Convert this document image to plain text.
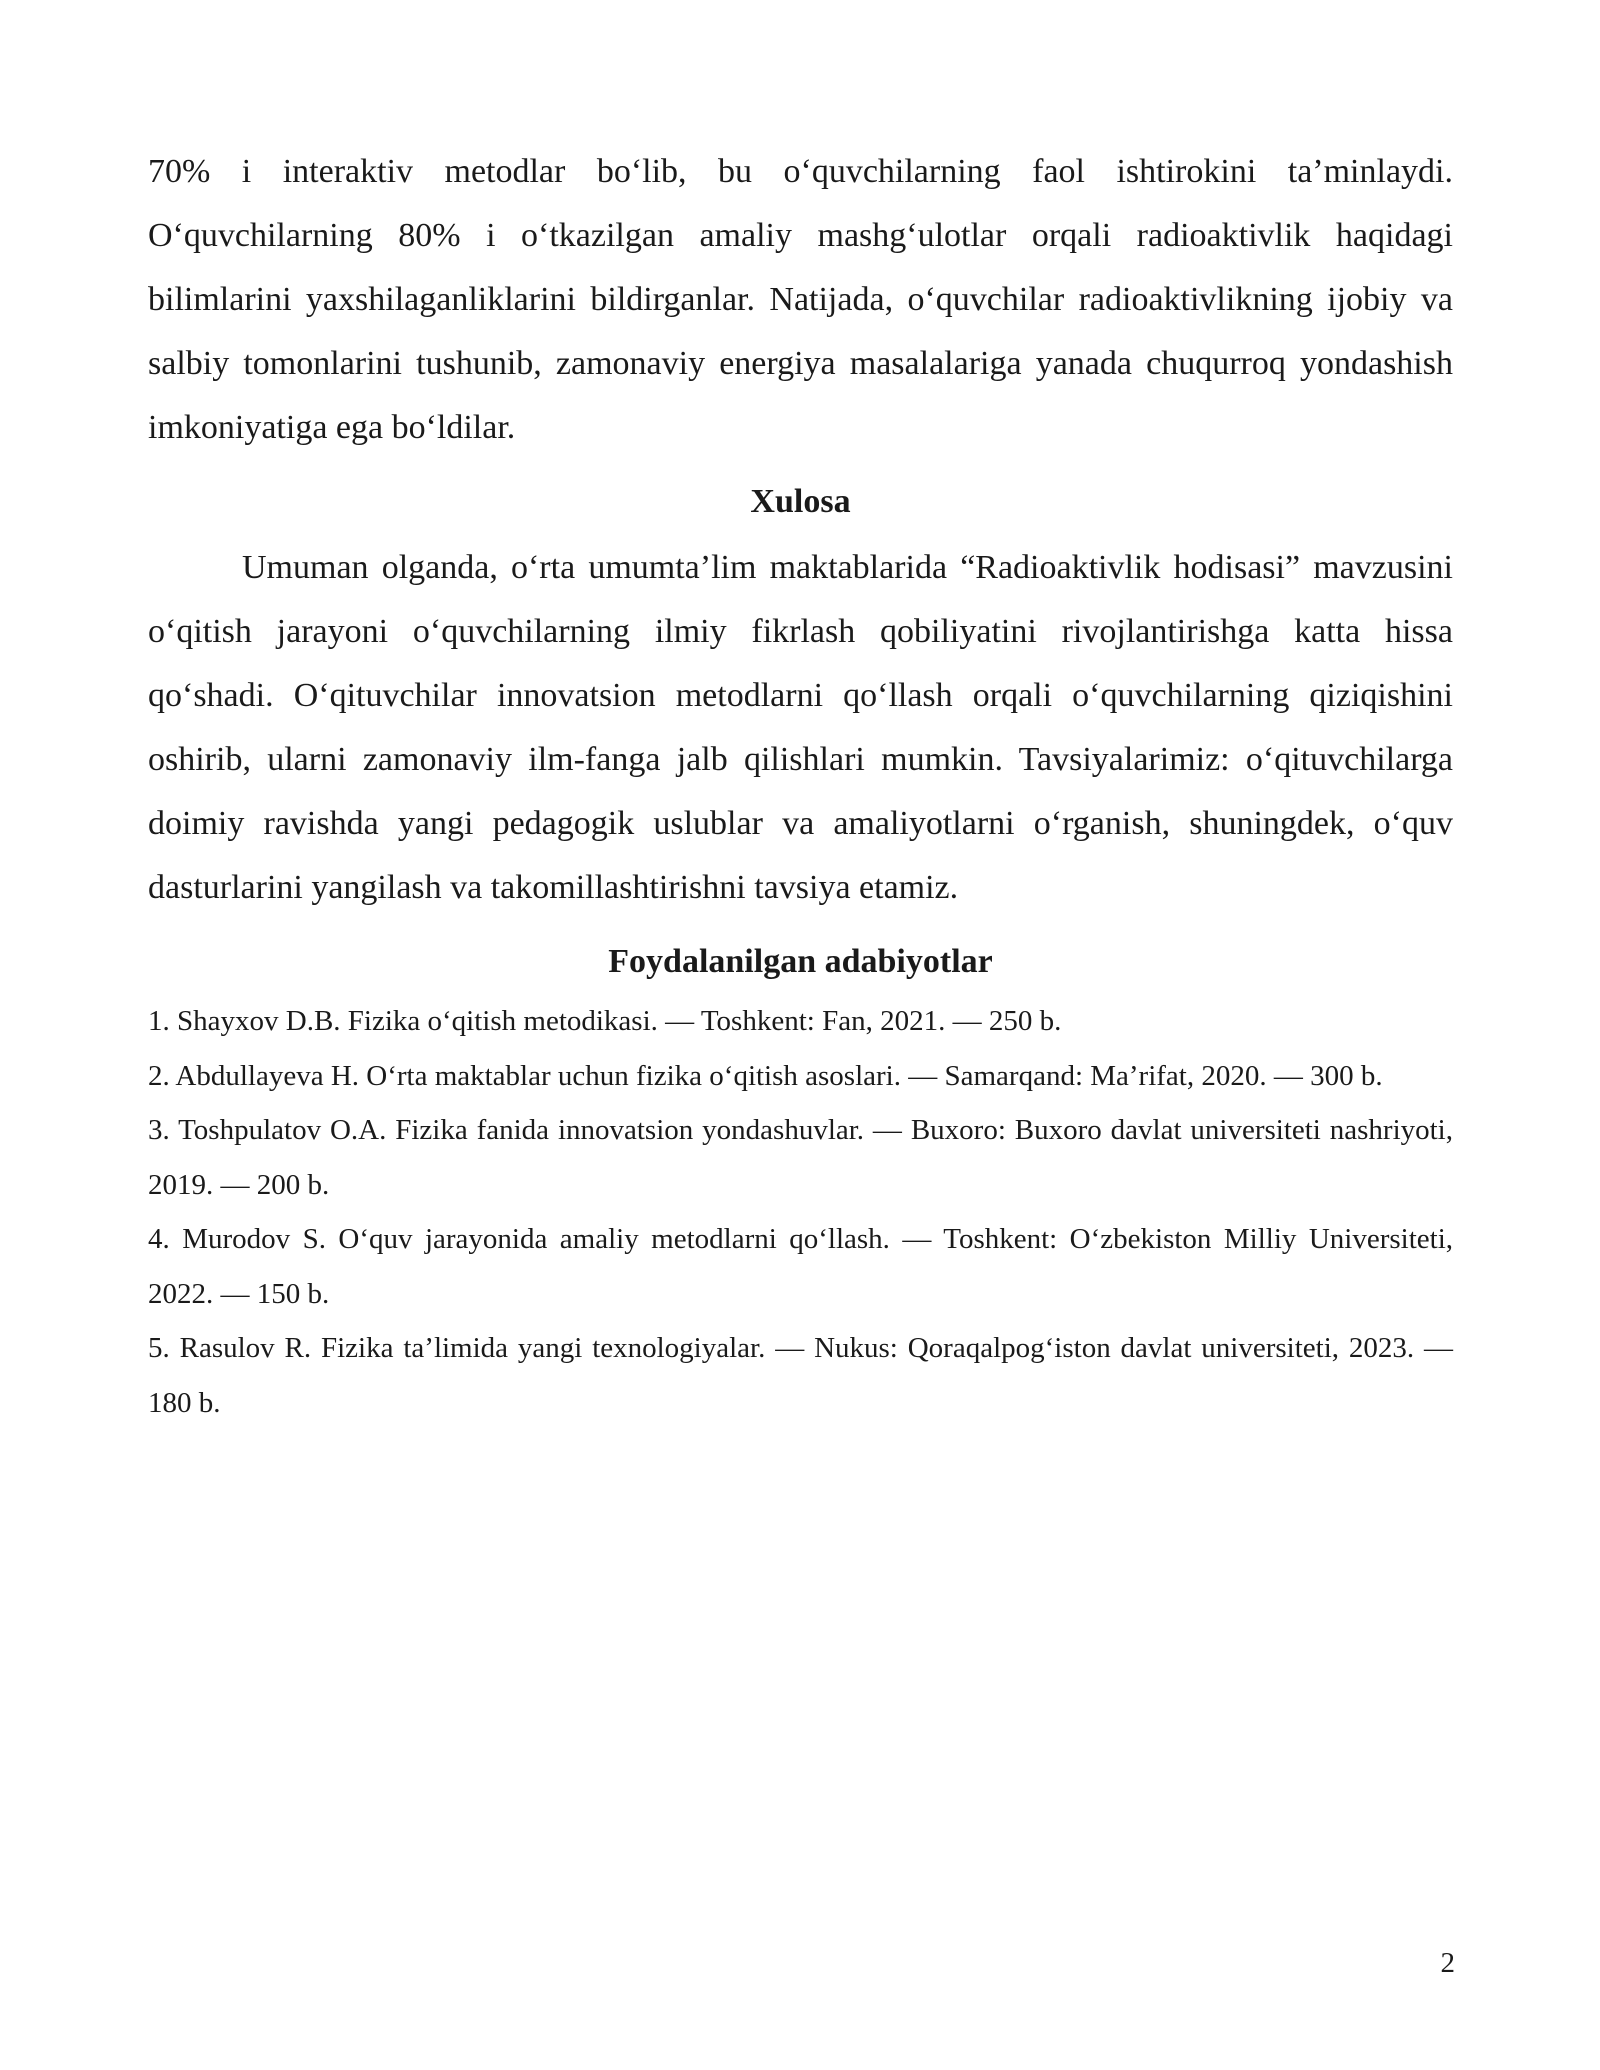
70% i interaktiv metodlar bo‘lib, bu o‘quvchilarning faol ishtirokini ta’minlaydi. O‘quvchilarning 80% i o‘tkazilgan amaliy mashg‘ulotlar orqali radioaktivlik haqidagi bilimlarini yaxshilaganliklarini bildirganlar. Natijada, o‘quvchilar radioaktivlikning ijobiy va salbiy tomonlarini tushunib, zamonaviy energiya masalalariga yanada chuqurroq yondashish imkoniyatiga ega bo‘ldilar.

Xulosa

Umuman olganda, o‘rta umumta’lim maktablarida “Radioaktivlik hodisasi” mavzusini o‘qitish jarayoni o‘quvchilarning ilmiy fikrlash qobiliyatini rivojlantirishga katta hissa qo‘shadi. O‘qituvchilar innovatsion metodlarni qo‘llash orqali o‘quvchilarning qiziqishini oshirib, ularni zamonaviy ilm-fanga jalb qilishlari mumkin. Tavsiyalarimiz: o‘qituvchilarga doimiy ravishda yangi pedagogik uslublar va amaliyotlarni o‘rganish, shuningdek, o‘quv dasturlarini yangilash va takomillashtirishni tavsiya etamiz.

Foydalanilgan adabiyotlar
1. Shayxov D.B. Fizika o‘qitish metodikasi. — Toshkent: Fan, 2021. — 250 b.
2. Abdullayeva H. O‘rta maktablar uchun fizika o‘qitish asoslari. — Samarqand: Ma’rifat, 2020. — 300 b.
3. Toshpulatov O.A. Fizika fanida innovatsion yondashuvlar. — Buxoro: Buxoro davlat universiteti nashriyoti, 2019. — 200 b.
4. Murodov S. O‘quv jarayonida amaliy metodlarni qo‘llash. — Toshkent: O‘zbekiston Milliy Universiteti, 2022. — 150 b.
5. Rasulov R. Fizika ta’limida yangi texnologiyalar. — Nukus: Qoraqalpog‘iston davlat universiteti, 2023. — 180 b.
2
